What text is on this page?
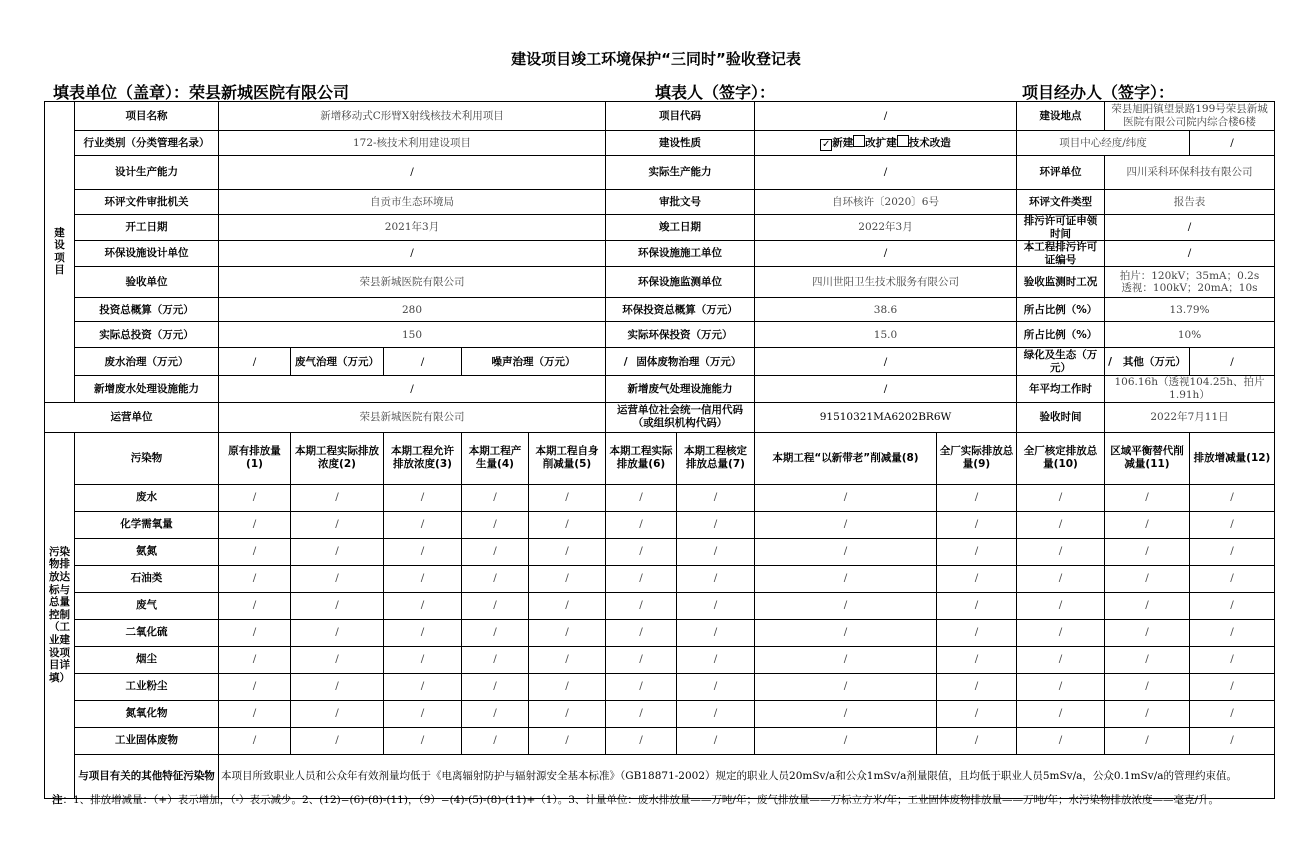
建设项目竣工环境保护“三同时”验收登记表
填表单位（盖章）：荣县新城医院有限公司	填表人（签字）：	项目经办人（签字）：
建设项目	项目名称	新增移动式C形臂X射线核技术利用项目					项目代码		/		建设地点	荣县旭阳镇望景路199号荣县新城医院有限公司院内综合楼6楼	
	行业类别（分类管理名录）	172-核技术利用建设项目					建设性质		✓ 新建 改扩建 技术改造		项目中心经度/纬度		/
	设计生产能力	/					实际生产能力		/		环评单位	四川采科环保科技有限公司	
	环评文件审批机关	自贡市生态环境局					审批文号		自环核许〔2020〕6号		环评文件类型	报告表	
	开工日期	2021年3月					竣工日期		2022年3月		排污许可证申领时间	/	
	环保设施设计单位	/					环保设施施工单位		/		本工程排污许可证编号	/	
	验收单位	荣县新城医院有限公司					环保设施监测单位		四川世阳卫生技术服务有限公司		验收监测时工况	拍片：120kV；35mA；0.2s
透视：100kV；20mA；10s	

	投资总概算（万元）	280					环保投资总概算（万元）		38.6		所占比例（%）	13.79%	
	实际总投资（万元）	150					实际环保投资（万元）		15.0		所占比例（%）	10%	
	废水治理（万元）	/	废气治理（万元）	/	噪声治理（万元）		/ 固体废物治理（万元）		/		绿化及生态（万元）	/ 其他（万元）	/
	新增废水处理设施能力	/					新增废气处理设施能力		/		年平均工作时	106.16h（透视104.25h、拍片1.91h）	
运营单位		荣县新城医院有限公司					运营单位社会统一信用代码（或组织机构代码）		91510321MA6202BR6W		验收时间	2022年7月11日	
污染物排放达标与总量控制（工业建设项目详填）	污染物	原有排放量(1)	本期工程实际排放浓度(2)	本期工程允许排放浓度(3)	本期工程产生量(4)	本期工程自身削减量(5)	本期工程实际排放量(6)	本期工程核定排放总量(7)	本期工程“以新带老”削减量(8)	全厂实际排放总量(9)	全厂核定排放总量(10)	区域平衡替代削减量(11)	排放增减量(12)
	废水	/	/	/	/	/	/	/	/	/	/	/	/
	化学需氧量	/	/	/	/	/	/	/	/	/	/	/	/
	氨氮	/	/	/	/	/	/	/	/	/	/	/	/
	石油类	/	/	/	/	/	/	/	/	/	/	/	/
	废气	/	/	/	/	/	/	/	/	/	/	/	/
	二氧化硫	/	/	/	/	/	/	/	/	/	/	/	/
	烟尘	/	/	/	/	/	/	/	/	/	/	/	/
	工业粉尘	/	/	/	/	/	/	/	/	/	/	/	/
	氮氧化物	/	/	/	/	/	/	/	/	/	/	/	/
	工业固体废物	/	/	/	/	/	/	/	/	/	/	/	/
	与项目有关的其他特征污染物	本项目所致职业人员和公众年有效剂量均低于《电离辐射防护与辐射源安全基本标准》（GB18871-2002）规定的职业人员20mSv/a和公众1mSv/a剂量限值，且均低于职业人员5mSv/a，公众0.1mSv/a的管理约束值。											
注：1、排放增减量：（+）表示增加，（-）表示减少。2、(12)=(6)-(8)-(11)，（9）=(4)-(5)-(8)-(11)+（1）。3、计量单位：废水排放量——万吨/年；废气排放量——万标立方米/年；工业固体废物排放量——万吨/年；水污染物排放浓度——毫克/升。
